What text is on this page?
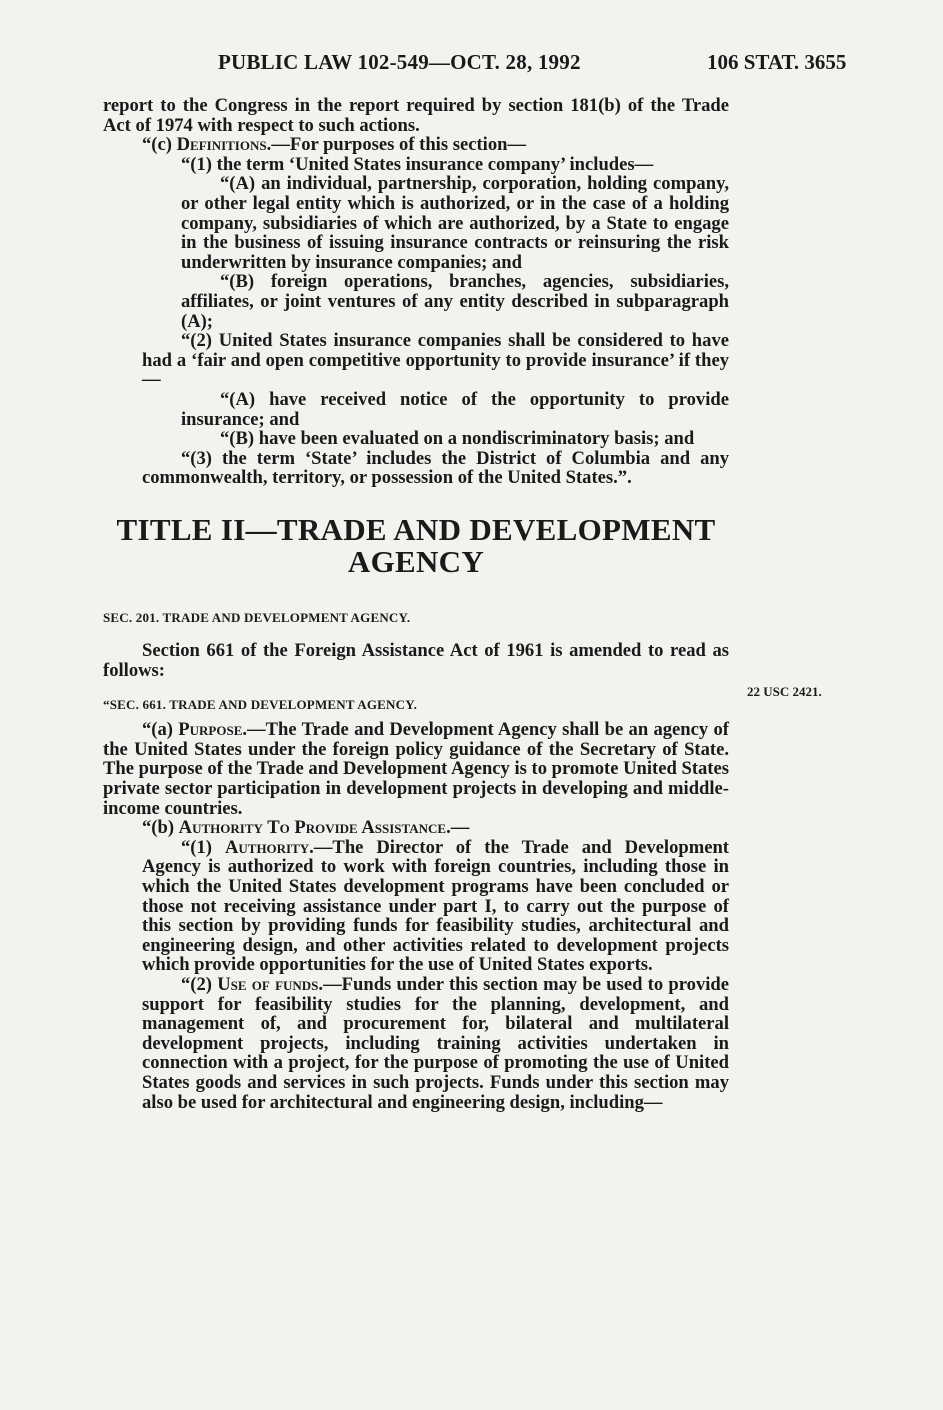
PUBLIC LAW 102-549—OCT. 28, 1992	106 STAT. 3655

report to the Congress in the report required by section 181(b) of the Trade Act of 1974 with respect to such actions.

“(c) Definitions.—For purposes of this section—

“(1) the term ‘United States insurance company’ includes—

“(A) an individual, partnership, corporation, holding company, or other legal entity which is authorized, or in the case of a holding company, subsidiaries of which are authorized, by a State to engage in the business of issuing insurance contracts or reinsuring the risk underwritten by insurance companies; and

“(B) foreign operations, branches, agencies, subsidiaries, affiliates, or joint ventures of any entity described in subparagraph (A);

“(2) United States insurance companies shall be considered to have had a ‘fair and open competitive opportunity to provide insurance’ if they—

“(A) have received notice of the opportunity to provide insurance; and

“(B) have been evaluated on a nondiscriminatory basis; and

“(3) the term ‘State’ includes the District of Columbia and any commonwealth, territory, or possession of the United States.”.

TITLE II—TRADE AND DEVELOPMENT
AGENCY
SEC. 201. TRADE AND DEVELOPMENT AGENCY.

Section 661 of the Foreign Assistance Act of 1961 is amended to read as follows:

“SEC. 661. TRADE AND DEVELOPMENT AGENCY.

“(a) Purpose.—The Trade and Development Agency shall be an agency of the United States under the foreign policy guidance of the Secretary of State. The purpose of the Trade and Development Agency is to promote United States private sector participation in development projects in developing and middle-income countries.

“(b) Authority To Provide Assistance.—

“(1) Authority.—The Director of the Trade and Development Agency is authorized to work with foreign countries, including those in which the United States development programs have been concluded or those not receiving assistance under part I, to carry out the purpose of this section by providing funds for feasibility studies, architectural and engineering design, and other activities related to development projects which provide opportunities for the use of United States exports.

“(2) Use of funds.—Funds under this section may be used to provide support for feasibility studies for the planning, development, and management of, and procurement for, bilateral and multilateral development projects, including training activities undertaken in connection with a project, for the purpose of promoting the use of United States goods and services in such projects. Funds under this section may also be used for architectural and engineering design, including—

22 USC 2421.
